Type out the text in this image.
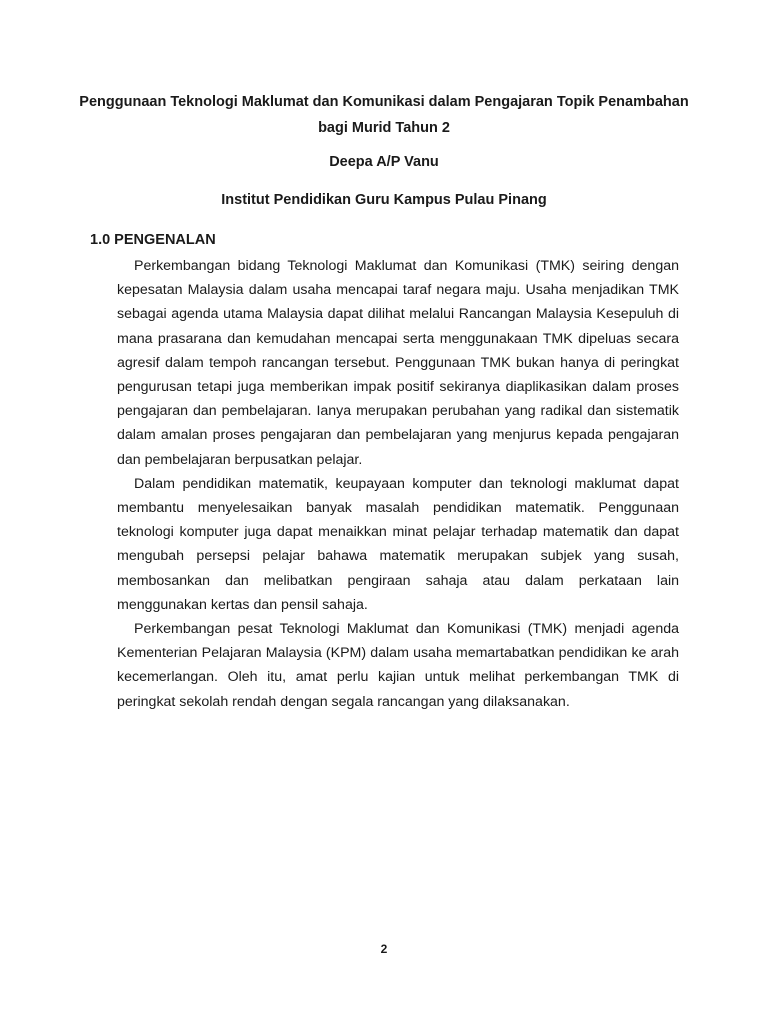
Penggunaan Teknologi Maklumat dan Komunikasi dalam Pengajaran Topik Penambahan bagi Murid Tahun 2
Deepa A/P Vanu
Institut Pendidikan Guru Kampus Pulau Pinang
1.0 PENGENALAN

Perkembangan bidang Teknologi Maklumat dan Komunikasi (TMK) seiring dengan kepesatan Malaysia dalam usaha mencapai taraf negara maju. Usaha menjadikan TMK sebagai agenda utama Malaysia dapat dilihat melalui Rancangan Malaysia Kesepuluh di mana prasarana dan kemudahan mencapai serta menggunakaan TMK dipeluas secara agresif dalam tempoh rancangan tersebut. Penggunaan TMK bukan hanya di peringkat pengurusan tetapi juga memberikan impak positif sekiranya diaplikasikan dalam proses pengajaran dan pembelajaran. Ianya merupakan perubahan yang radikal dan sistematik dalam amalan proses pengajaran dan pembelajaran yang menjurus kepada pengajaran dan pembelajaran berpusatkan pelajar.

Dalam pendidikan matematik, keupayaan komputer dan teknologi maklumat dapat membantu menyelesaikan banyak masalah pendidikan matematik. Penggunaan teknologi komputer juga dapat menaikkan minat pelajar terhadap matematik dan dapat mengubah persepsi pelajar bahawa matematik merupakan subjek yang susah, membosankan dan melibatkan pengiraan sahaja atau dalam perkataan lain menggunakan kertas dan pensil sahaja.

Perkembangan pesat Teknologi Maklumat dan Komunikasi (TMK) menjadi agenda Kementerian Pelajaran Malaysia (KPM) dalam usaha memartabatkan pendidikan ke arah kecemerlangan. Oleh itu, amat perlu kajian untuk melihat perkembangan TMK di peringkat sekolah rendah dengan segala rancangan yang dilaksanakan.

2
